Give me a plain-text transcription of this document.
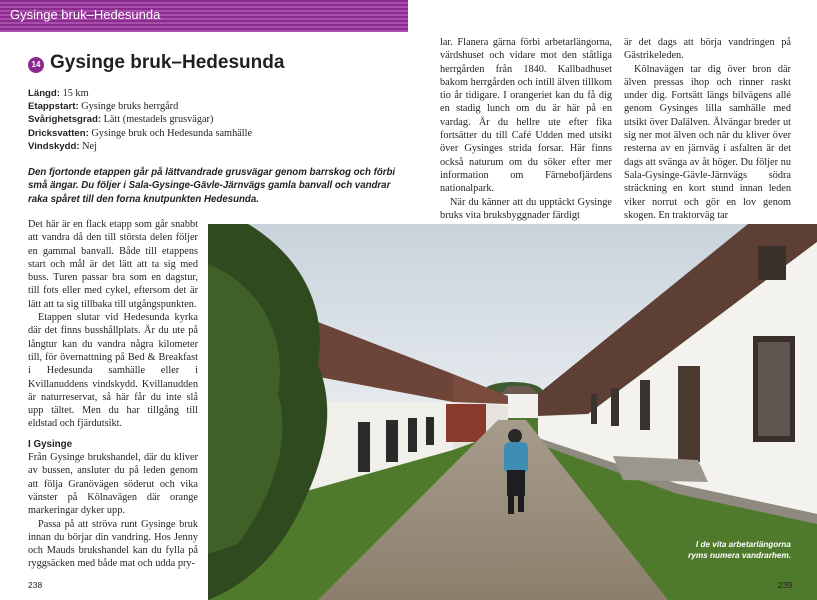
Gysinge bruk–Hedesunda
14 Gysinge bruk–Hedesunda
Längd: 15 km
Etappstart: Gysinge bruks herrgård
Svårighetsgrad: Lätt (mestadels grusvägar)
Dricksvatten: Gysinge bruk och Hedesunda samhälle
Vindskydd: Nej

Den fjortonde etappen går på lättvandrade grusvägar genom barrskog och förbi små ängar. Du följer i Sala-Gysinge-Gävle-Järnvägs gamla banvall och vandrar raka spåret till den forna knutpunkten Hedesunda.

Det här är en flack etapp som går snabbt att vandra då den till största delen följer en gammal banvall. Både till etappens start och mål är det lätt att ta sig med buss. Turen passar bra som en dagstur, till fots eller med cykel, eftersom det är lätt att ta sig tillbaka till utgångspunkten.

Etappen slutar vid Hedesunda kyrka där det finns busshållplats. Är du ute på långtur kan du vandra några kilometer till, för övernattning på Bed & Breakfast i Hedesunda samhälle eller i Kvillanuddens vindskydd. Kvillanudden är naturreservat, så här får du inte slå upp tältet. Men du har tillgång till eldstad och fjärdutsikt.

I Gysinge

Från Gysinge brukshandel, där du kliver av bussen, ansluter du på leden genom att följa Granövägen söderut och vika vänster på Kölnavägen där orange markeringar dyker upp.

Passa på att ströva runt Gysinge bruk innan du börjar din vandring. Hos Jenny och Mauds brukshandel kan du fylla på ryggsäcken med både mat och udda pry-

lar. Flanera gärna förbi arbetarlängorna, värdshuset och vidare mot den ståtliga herrgården från 1840. Kallbadhuset bakom herrgården och intill älven tillkom tio år tidigare. I orangeriet kan du få dig en stadig lunch om du är här på en vardag. Är du hellre ute efter fika fortsätter du till Café Udden med utsikt över Gysinges strida forsar. Här finns också naturum om du söker efter mer information om Färnebofjärdens nationalpark.

När du känner att du upptäckt Gysinge bruks vita bruksbyggnader färdigt

är det dags att börja vandringen på Gästrikeleden.

Kölnavägen tar dig över bron där älven pressas ihop och rinner raskt under dig. Fortsätt längs bilvägens allé genom Gysinges lilla samhälle med utsikt över Dalälven. Älvängar breder ut sig ner mot älven och när du kliver över resterna av en järnväg i asfalten är det dags att svänga av åt höger. Du följer nu Sala-Gysinge-Gävle-Järnvägs södra sträckning en kort stund innan leden viker norrut och gör en lov genom skogen. En traktorväg tar

I de vita arbetarlängorna ryms numera vandrarhem.
238	239
